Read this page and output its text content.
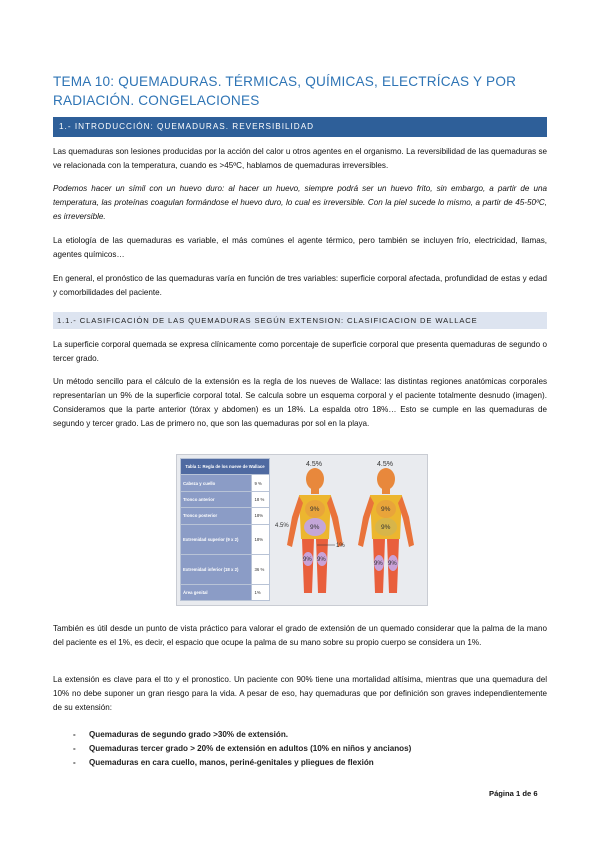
TEMA 10: QUEMADURAS. TÉRMICAS, QUÍMICAS, ELECTRÍCAS Y POR
RADIACIÓN. CONGELACIONES
1.- INTRODUCCIÓN: QUEMADURAS. REVERSIBILIDAD

Las quemaduras son lesiones producidas por la acción del calor u otros agentes en el organismo. La reversibilidad de las quemaduras se ve relacionada con la temperatura, cuando es >45ºC, hablamos de quemaduras irreversibles.

Podemos hacer un símil con un huevo duro: al hacer un huevo, siempre podrá ser un huevo frito, sin embargo, a partir de una temperatura, las proteínas coagulan formándose el huevo duro, lo cual es irreversible. Con la piel sucede lo mismo, a partir de 45-50ºC, es irreversible.

La etiología de las quemaduras es variable, el más comúnes el agente térmico, pero también se incluyen frío, electricidad, llamas, agentes químicos…

En general, el pronóstico de las quemaduras varía en función de tres variables: superficie corporal afectada, profundidad de estas y edad y comorbilidades del paciente.

1.1.- CLASIFICACIÓN DE LAS QUEMADURAS SEGÚN EXTENSION: CLASIFICACION DE WALLACE

La superficie corporal quemada se expresa clínicamente como porcentaje de superficie corporal que presenta quemaduras de segundo o tercer grado.

Un método sencillo para el cálculo de la extensión es la regla de los nueves de Wallace: las distintas regiones anatómicas corporales representarían un 9% de la superficie corporal total. Se calcula sobre un esquema corporal y el paciente totalmente desnudo (imagen). Consideramos que la parte anterior (tórax y abdomen) es un 18%. La espalda otro 18%… Esto se cumple en las quemaduras de segundo y tercer grado. Las de primero no, que son las quemaduras por sol en la playa.

Tabla 1: Regla de los nueve de Wallace	
Cabeza y cuello	9 %
Tronco anterior	18 %
Tronco posterior	18%
Extremidad superior (9 x 2)	18%
Extremidad inferior (18 x 2)	36 %
Área genital	1%
4.5%
9%
9%
4.5%
9% 9%
1%
4.5%
9%
9%
9% 9%

También es útil desde un punto de vista práctico para valorar el grado de extensión de un quemado considerar que la palma de la mano del paciente es el 1%, es decir, el espacio que ocupe la palma de su mano sobre su propio cuerpo se considera un 1%.

La extensión es clave para el tto y el pronostico. Un paciente con 90% tiene una mortalidad altísima, mientras que una quemadura del 10% no debe suponer un gran riesgo para la vida. A pesar de eso, hay quemaduras que por definición son graves independientemente de su extensión:

- Quemaduras de segundo grado >30% de extensión.
- Quemaduras tercer grado > 20% de extensión en adultos (10% en niños y ancianos)
- Quemaduras en cara cuello, manos, periné-genitales y pliegues de flexión
Página 1 de 6
